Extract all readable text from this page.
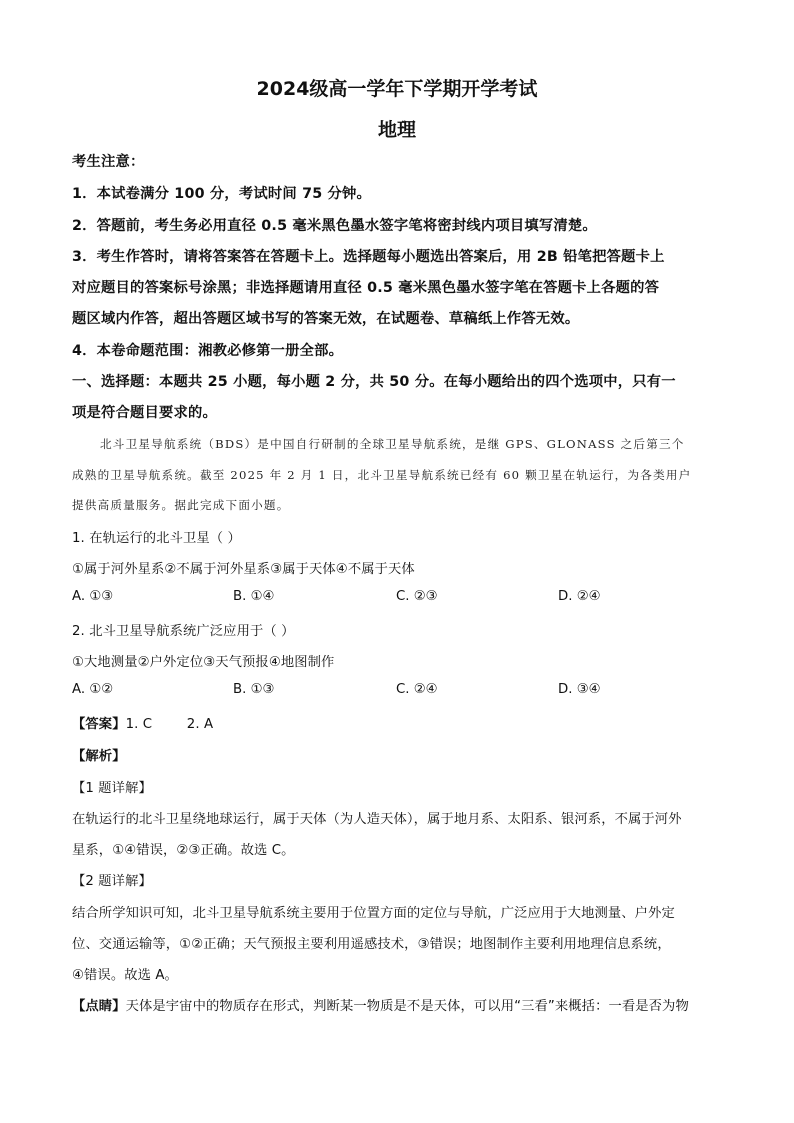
2024级高一学年下学期开学考试
地理
考生注意：
1．本试卷满分 100 分，考试时间 75 分钟。
2．答题前，考生务必用直径 0.5 毫米黑色墨水签字笔将密封线内项目填写清楚。
3．考生作答时，请将答案答在答题卡上。选择题每小题选出答案后，用 2B 铅笔把答题卡上
对应题目的答案标号涂黑；非选择题请用直径 0.5 毫米黑色墨水签字笔在答题卡上各题的答
题区域内作答，超出答题区域书写的答案无效，在试题卷、草稿纸上作答无效。
4．本卷命题范围：湘教必修第一册全部。
一、选择题：本题共 25 小题，每小题 2 分，共 50 分。在每小题给出的四个选项中，只有一
项是符合题目要求的。
北斗卫星导航系统（BDS）是中国自行研制的全球卫星导航系统，是继 GPS、GLONASS 之后第三个
成熟的卫星导航系统。截至 2025 年 2 月 1 日，北斗卫星导航系统已经有 60 颗卫星在轨运行，为各类用户
提供高质量服务。据此完成下面小题。
1. 在轨运行的北斗卫星（ ）
①属于河外星系②不属于河外星系③属于天体④不属于天体
A. ①③	B. ①④	C. ②③	D. ②④
2. 北斗卫星导航系统广泛应用于（ ）
①大地测量②户外定位③天气预报④地图制作
A. ①②	B. ①③	C. ②④	D. ③④
【答案】1. C        2. A
【解析】
【1 题详解】
在轨运行的北斗卫星绕地球运行，属于天体（为人造天体），属于地月系、太阳系、银河系，不属于河外
星系，①④错误，②③正确。故选 C。
【2 题详解】
结合所学知识可知，北斗卫星导航系统主要用于位置方面的定位与导航，广泛应用于大地测量、户外定
位、交通运输等，①②正确；天气预报主要利用遥感技术，③错误；地图制作主要利用地理信息系统，
④错误。故选 A。
【点睛】天体是宇宙中的物质存在形式，判断某一物质是不是天体，可以用“三看”来概括：一看是否为物
